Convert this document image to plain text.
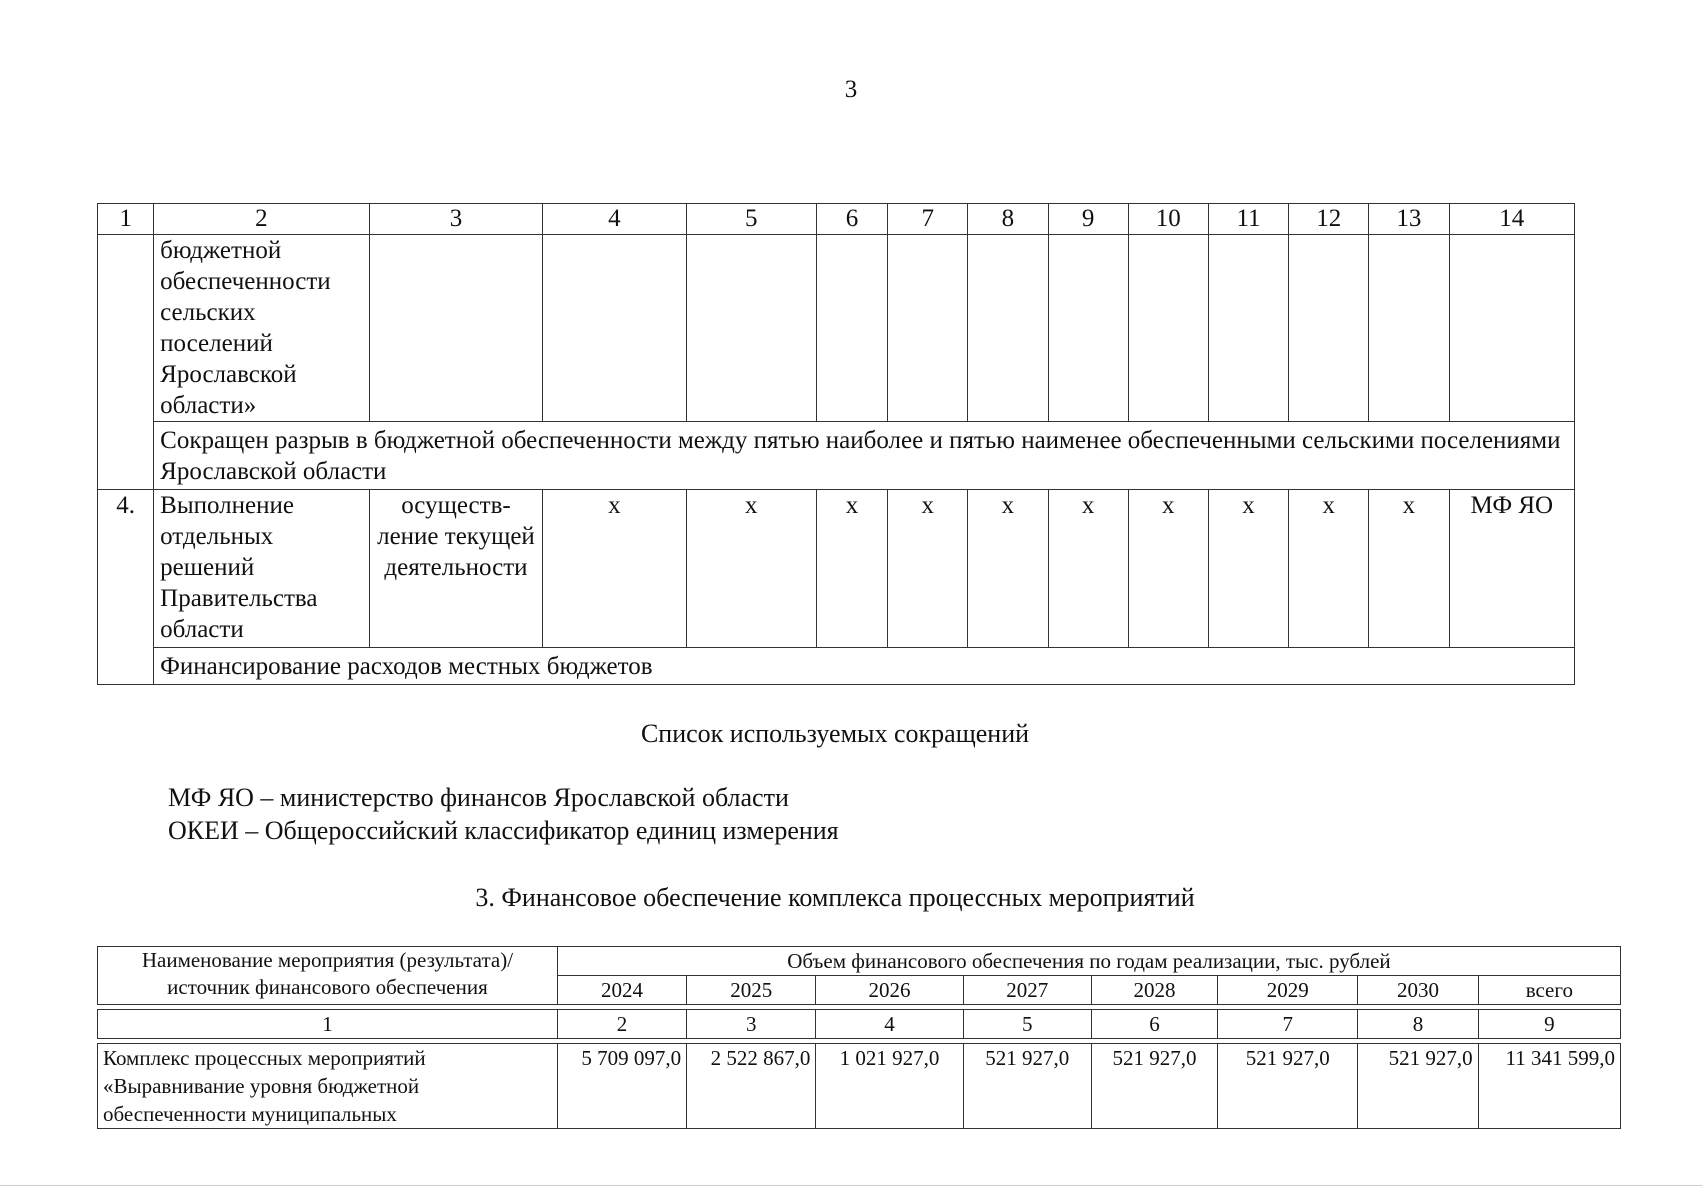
3
1	2	3	4	5	6	7	8	9	10	11	12	13	14
	бюджетной обеспеченности сельских поселений Ярославской области»												
	Сокращен разрыв в бюджетной обеспеченности между пятью наиболее и пятью наименее обеспеченными сельскими поселениями Ярославской области												
4.	Выполнение отдельных решений Правительства области	осуществ-ление текущей деятельности	х	х	х	х	х	х	х	х	х	х	МФ ЯО
	Финансирование расходов местных бюджетов												
Список используемых сокращений
МФ ЯО – министерство финансов Ярославской области
ОКЕИ – Общероссийский классификатор единиц измерения
3. Финансовое обеспечение комплекса процессных мероприятий
Наименование мероприятия (результата)/ источник финансового обеспечения	Объем финансового обеспечения по годам реализации, тыс. рублей							
	2024	2025	2026	2027	2028	2029	2030	всего

1	2	3	4	5	6	7	8	9

Комплекс процессных мероприятий «Выравнивание уровня бюджетной обеспеченности муниципальных	5 709 097,0	2 522 867,0	1 021 927,0	521 927,0	521 927,0	521 927,0	521 927,0	11 341 599,0
